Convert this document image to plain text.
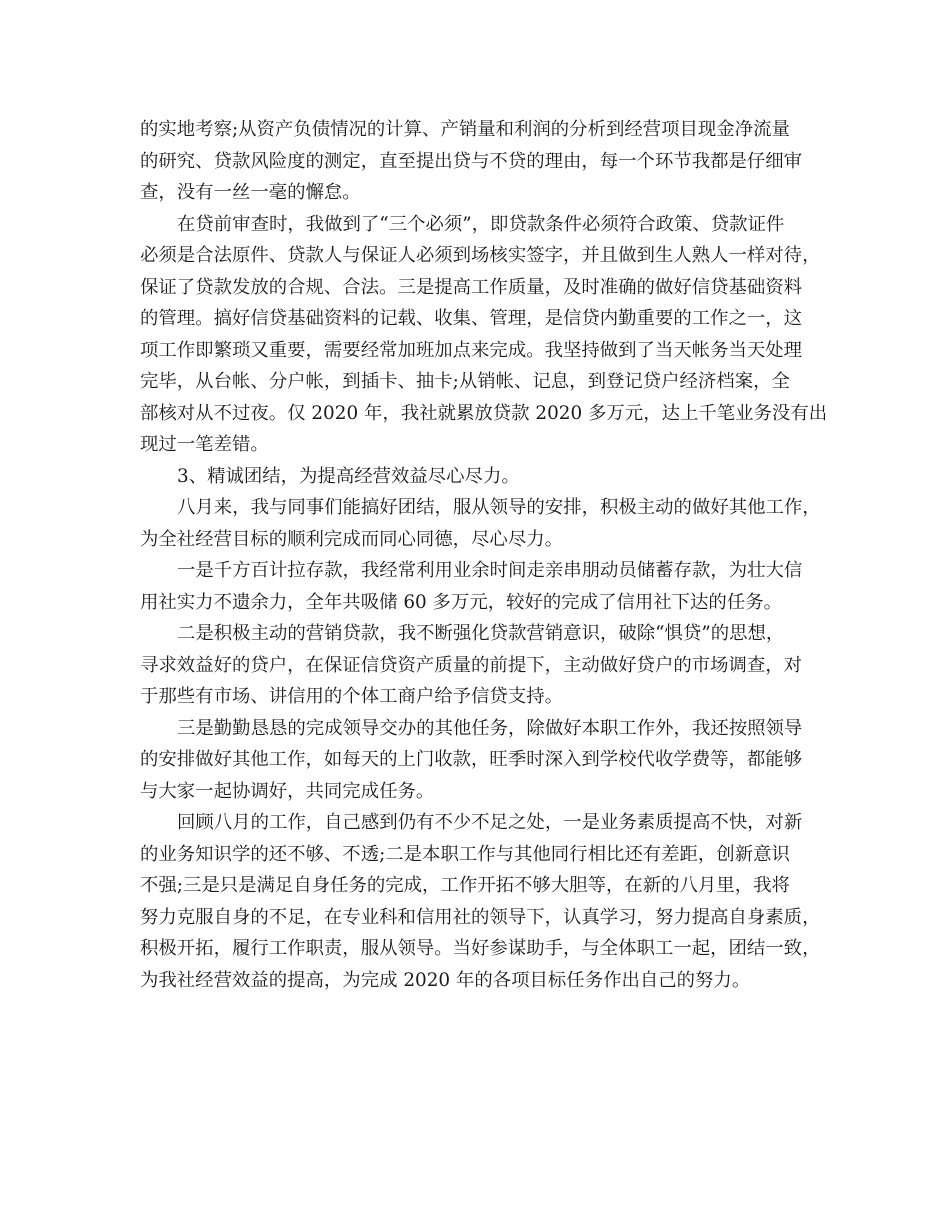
的实地考察;从资产负债情况的计算、产销量和利润的分析到经营项目现金净流量
的研究、贷款风险度的测定，直至提出贷与不贷的理由，每一个环节我都是仔细审
查，没有一丝一毫的懈怠。
在贷前审查时，我做到了“三个必须”，即贷款条件必须符合政策、贷款证件
必须是合法原件、贷款人与保证人必须到场核实签字，并且做到生人熟人一样对待，
保证了贷款发放的合规、合法。三是提高工作质量，及时准确的做好信贷基础资料
的管理。搞好信贷基础资料的记载、收集、管理，是信贷内勤重要的工作之一，这
项工作即繁琐又重要，需要经常加班加点来完成。我坚持做到了当天帐务当天处理
完毕，从台帐、分户帐，到插卡、抽卡;从销帐、记息，到登记贷户经济档案，全
部核对从不过夜。仅 2020 年，我社就累放贷款 2020 多万元，达上千笔业务没有出
现过一笔差错。
3、精诚团结，为提高经营效益尽心尽力。
八月来，我与同事们能搞好团结，服从领导的安排，积极主动的做好其他工作，
为全社经营目标的顺利完成而同心同德，尽心尽力。
一是千方百计拉存款，我经常利用业余时间走亲串朋动员储蓄存款，为壮大信
用社实力不遗余力，全年共吸储 60 多万元，较好的完成了信用社下达的任务。
二是积极主动的营销贷款，我不断强化贷款营销意识，破除“惧贷”的思想，
寻求效益好的贷户，在保证信贷资产质量的前提下，主动做好贷户的市场调查，对
于那些有市场、讲信用的个体工商户给予信贷支持。
三是勤勤恳恳的完成领导交办的其他任务，除做好本职工作外，我还按照领导
的安排做好其他工作，如每天的上门收款，旺季时深入到学校代收学费等，都能够
与大家一起协调好，共同完成任务。
回顾八月的工作，自己感到仍有不少不足之处，一是业务素质提高不快，对新
的业务知识学的还不够、不透;二是本职工作与其他同行相比还有差距，创新意识
不强;三是只是满足自身任务的完成，工作开拓不够大胆等，在新的八月里，我将
努力克服自身的不足，在专业科和信用社的领导下，认真学习，努力提高自身素质，
积极开拓，履行工作职责，服从领导。当好参谋助手，与全体职工一起，团结一致，
为我社经营效益的提高，为完成 2020 年的各项目标任务作出自己的努力。
